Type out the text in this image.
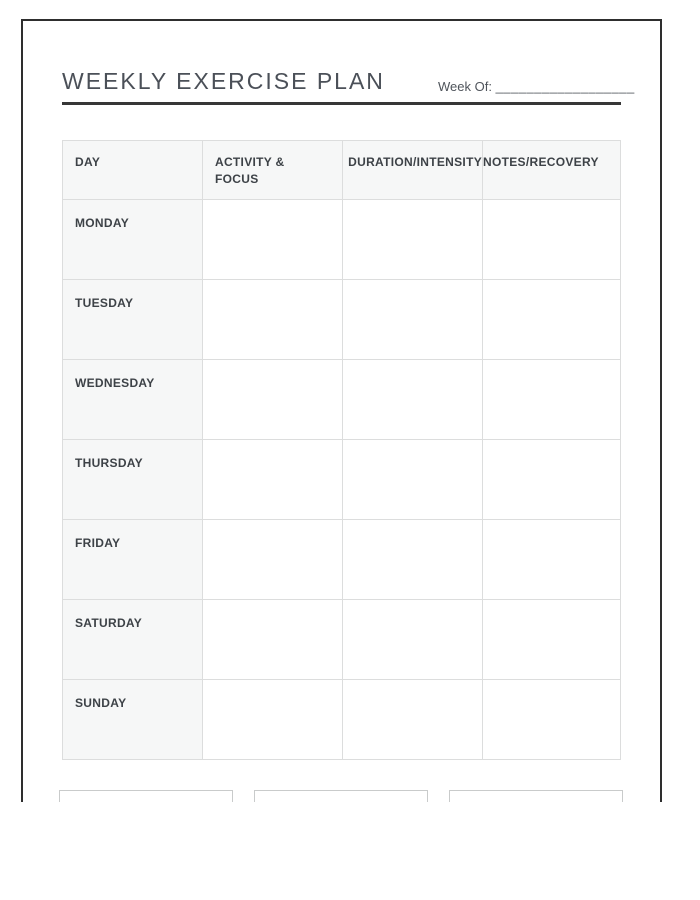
WEEKLY EXERCISE PLAN	Week Of: __________________
DAY	ACTIVITY & FOCUS	DURATION/INTENSITY	NOTES/RECOVERY
MONDAY			
TUESDAY			
WEDNESDAY			
THURSDAY			
FRIDAY			
SATURDAY			
SUNDAY			
